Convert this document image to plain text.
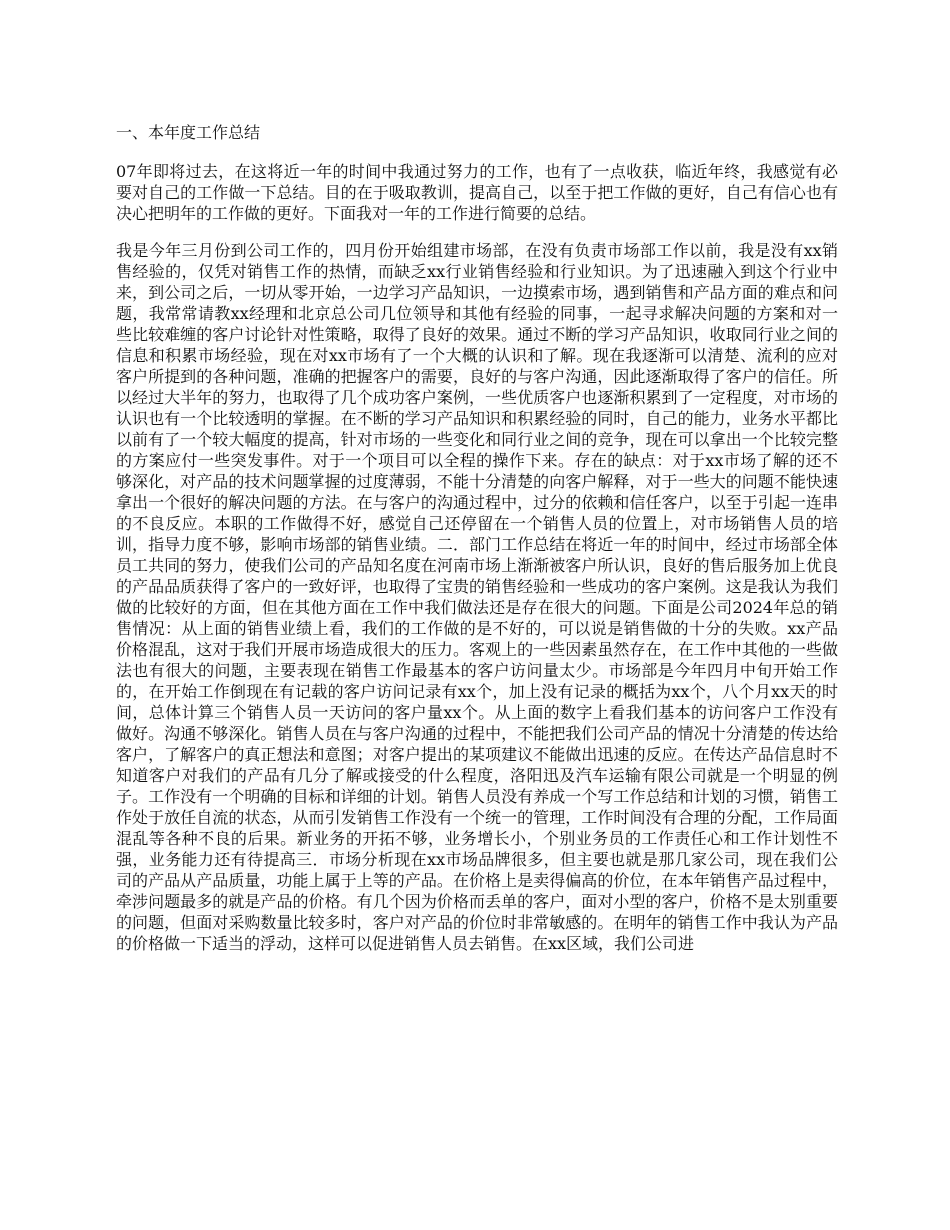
一、本年度工作总结

07年即将过去，在这将近一年的时间中我通过努力的工作，也有了一点收获，临近年终，我感觉有必要对自己的工作做一下总结。目的在于吸取教训，提高自己，以至于把工作做的更好，自己有信心也有决心把明年的工作做的更好。下面我对一年的工作进行简要的总结。

我是今年三月份到公司工作的，四月份开始组建市场部，在没有负责市场部工作以前，我是没有xx销售经验的，仅凭对销售工作的热情，而缺乏xx行业销售经验和行业知识。为了迅速融入到这个行业中来，到公司之后，一切从零开始，一边学习产品知识，一边摸索市场，遇到销售和产品方面的难点和问题，我常常请教xx经理和北京总公司几位领导和其他有经验的同事，一起寻求解决问题的方案和对一些比较难缠的客户讨论针对性策略，取得了良好的效果。通过不断的学习产品知识，收取同行业之间的信息和积累市场经验，现在对xx市场有了一个大概的认识和了解。现在我逐渐可以清楚、流利的应对客户所提到的各种问题，准确的把握客户的需要，良好的与客户沟通，因此逐渐取得了客户的信任。所以经过大半年的努力，也取得了几个成功客户案例，一些优质客户也逐渐积累到了一定程度，对市场的认识也有一个比较透明的掌握。在不断的学习产品知识和积累经验的同时，自己的能力，业务水平都比以前有了一个较大幅度的提高，针对市场的一些变化和同行业之间的竞争，现在可以拿出一个比较完整的方案应付一些突发事件。对于一个项目可以全程的操作下来。存在的缺点：对于xx市场了解的还不够深化，对产品的技术问题掌握的过度薄弱，不能十分清楚的向客户解释，对于一些大的问题不能快速拿出一个很好的解决问题的方法。在与客户的沟通过程中，过分的依赖和信任客户，以至于引起一连串的不良反应。本职的工作做得不好，感觉自己还停留在一个销售人员的位置上，对市场销售人员的培训，指导力度不够，影响市场部的销售业绩。二．部门工作总结在将近一年的时间中，经过市场部全体员工共同的努力，使我们公司的产品知名度在河南市场上渐渐被客户所认识，良好的售后服务加上优良的产品品质获得了客户的一致好评，也取得了宝贵的销售经验和一些成功的客户案例。这是我认为我们做的比较好的方面，但在其他方面在工作中我们做法还是存在很大的问题。下面是公司2024年总的销售情况：从上面的销售业绩上看，我们的工作做的是不好的，可以说是销售做的十分的失败。xx产品价格混乱，这对于我们开展市场造成很大的压力。客观上的一些因素虽然存在，在工作中其他的一些做法也有很大的问题，主要表现在销售工作最基本的客户访问量太少。市场部是今年四月中旬开始工作的，在开始工作倒现在有记载的客户访问记录有xx个，加上没有记录的概括为xx个，八个月xx天的时间，总体计算三个销售人员一天访问的客户量xx个。从上面的数字上看我们基本的访问客户工作没有做好。沟通不够深化。销售人员在与客户沟通的过程中，不能把我们公司产品的情况十分清楚的传达给客户，了解客户的真正想法和意图；对客户提出的某项建议不能做出迅速的反应。在传达产品信息时不知道客户对我们的产品有几分了解或接受的什么程度，洛阳迅及汽车运输有限公司就是一个明显的例子。工作没有一个明确的目标和详细的计划。销售人员没有养成一个写工作总结和计划的习惯，销售工作处于放任自流的状态，从而引发销售工作没有一个统一的管理，工作时间没有合理的分配，工作局面混乱等各种不良的后果。新业务的开拓不够，业务增长小，个别业务员的工作责任心和工作计划性不强，业务能力还有待提高三．市场分析现在xx市场品牌很多，但主要也就是那几家公司，现在我们公司的产品从产品质量，功能上属于上等的产品。在价格上是卖得偏高的价位，在本年销售产品过程中，牵涉问题最多的就是产品的价格。有几个因为价格而丢单的客户，面对小型的客户，价格不是太别重要的问题，但面对采购数量比较多时，客户对产品的价位时非常敏感的。在明年的销售工作中我认为产品的价格做一下适当的浮动，这样可以促进销售人员去销售。在xx区域，我们公司进
